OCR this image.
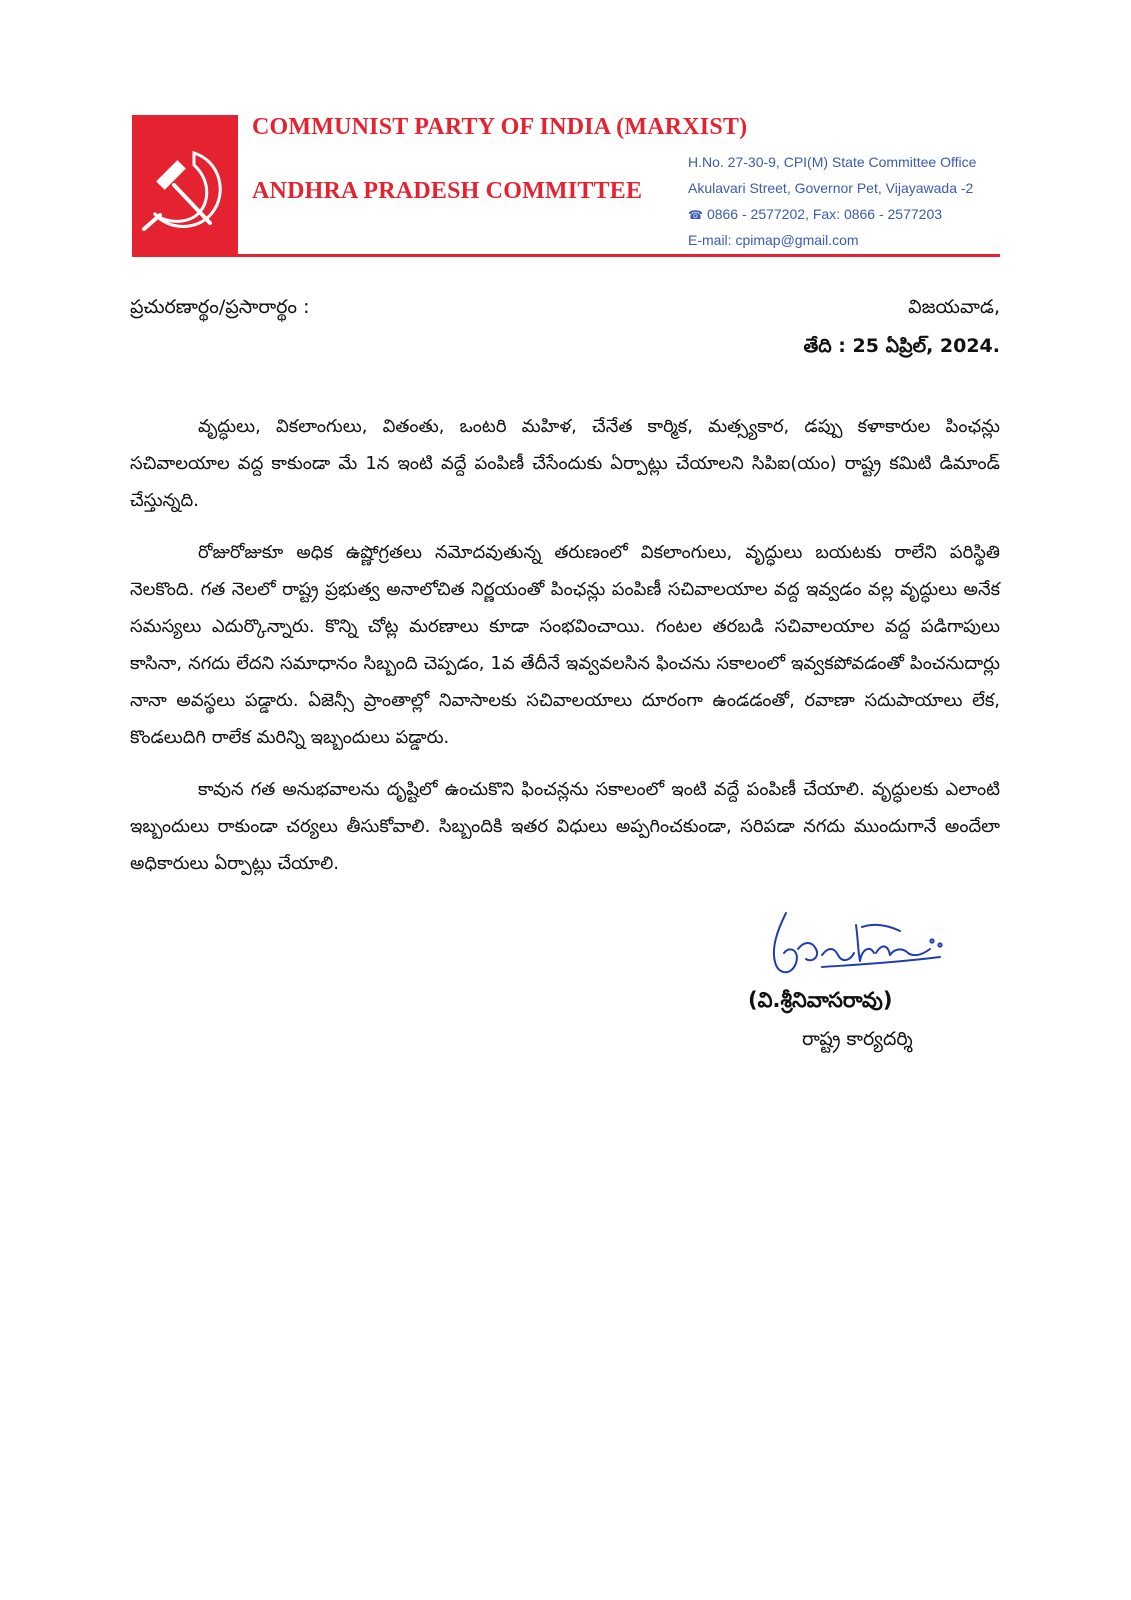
COMMUNIST PARTY OF INDIA (MARXIST)
ANDHRA PRADESH COMMITTEE
H.No. 27-30-9, CPI(M) State Committee Office
Akulavari Street, Governor Pet, Vijayawada -2
☎ 0866 - 2577202, Fax: 0866 - 2577203
E-mail: cpimap@gmail.com
ప్రచురణార్థం/ప్రసారార్థం :	విజయవాడ,
తేది : 25 ఏప్రిల్, 2024.

వృద్ధులు, వికలాంగులు, వితంతు, ఒంటరి మహిళ, చేనేత కార్మిక, మత్స్యకార, డప్పు కళాకారుల పింఛన్లు సచివాలయాల వద్ద కాకుండా మే 1న ఇంటి వద్దే పంపిణీ చేసేందుకు ఏర్పాట్లు చేయాలని సిపిఐ(యం) రాష్ట్ర కమిటి డిమాండ్ చేస్తున్నది.

రోజురోజుకూ అధిక ఉష్ణోగ్రతలు నమోదవుతున్న తరుణంలో వికలాంగులు, వృద్ధులు బయటకు రాలేని పరిస్థితి నెలకొంది. గత నెలలో రాష్ట్ర ప్రభుత్వ అనాలోచిత నిర్ణయంతో పింఛన్లు పంపిణీ సచివాలయాల వద్ద ఇవ్వడం వల్ల వృద్ధులు అనేక సమస్యలు ఎదుర్కొన్నారు. కొన్ని చోట్ల మరణాలు కూడా సంభవించాయి. గంటల తరబడి సచివాలయాల వద్ద పడిగాపులు కాసినా, నగదు లేదని సమాధానం సిబ్బంది చెప్పడం, 1వ తేదీనే ఇవ్వవలసిన ఫించను సకాలంలో ఇవ్వకపోవడంతో పించనుదార్లు నానా అవస్థలు పడ్డారు. ఏజెన్సీ ప్రాంతాల్లో నివాసాలకు సచివాలయాలు దూరంగా ఉండడంతో, రవాణా సదుపాయాలు లేక, కొండలుదిగి రాలేక మరిన్ని ఇబ్బందులు పడ్డారు.

కావున గత అనుభవాలను దృష్టిలో ఉంచుకొని ఫించన్లను సకాలంలో ఇంటి వద్దే పంపిణీ చేయాలి. వృద్ధులకు ఎలాంటి ఇబ్బందులు రాకుండా చర్యలు తీసుకోవాలి. సిబ్బందికి ఇతర విధులు అప్పగించకుండా, సరిపడా నగదు ముందుగానే అందేలా అధికారులు ఏర్పాట్లు చేయాలి.

(వి.శ్రీనివాసరావు)
రాష్ట్ర కార్యదర్శి
